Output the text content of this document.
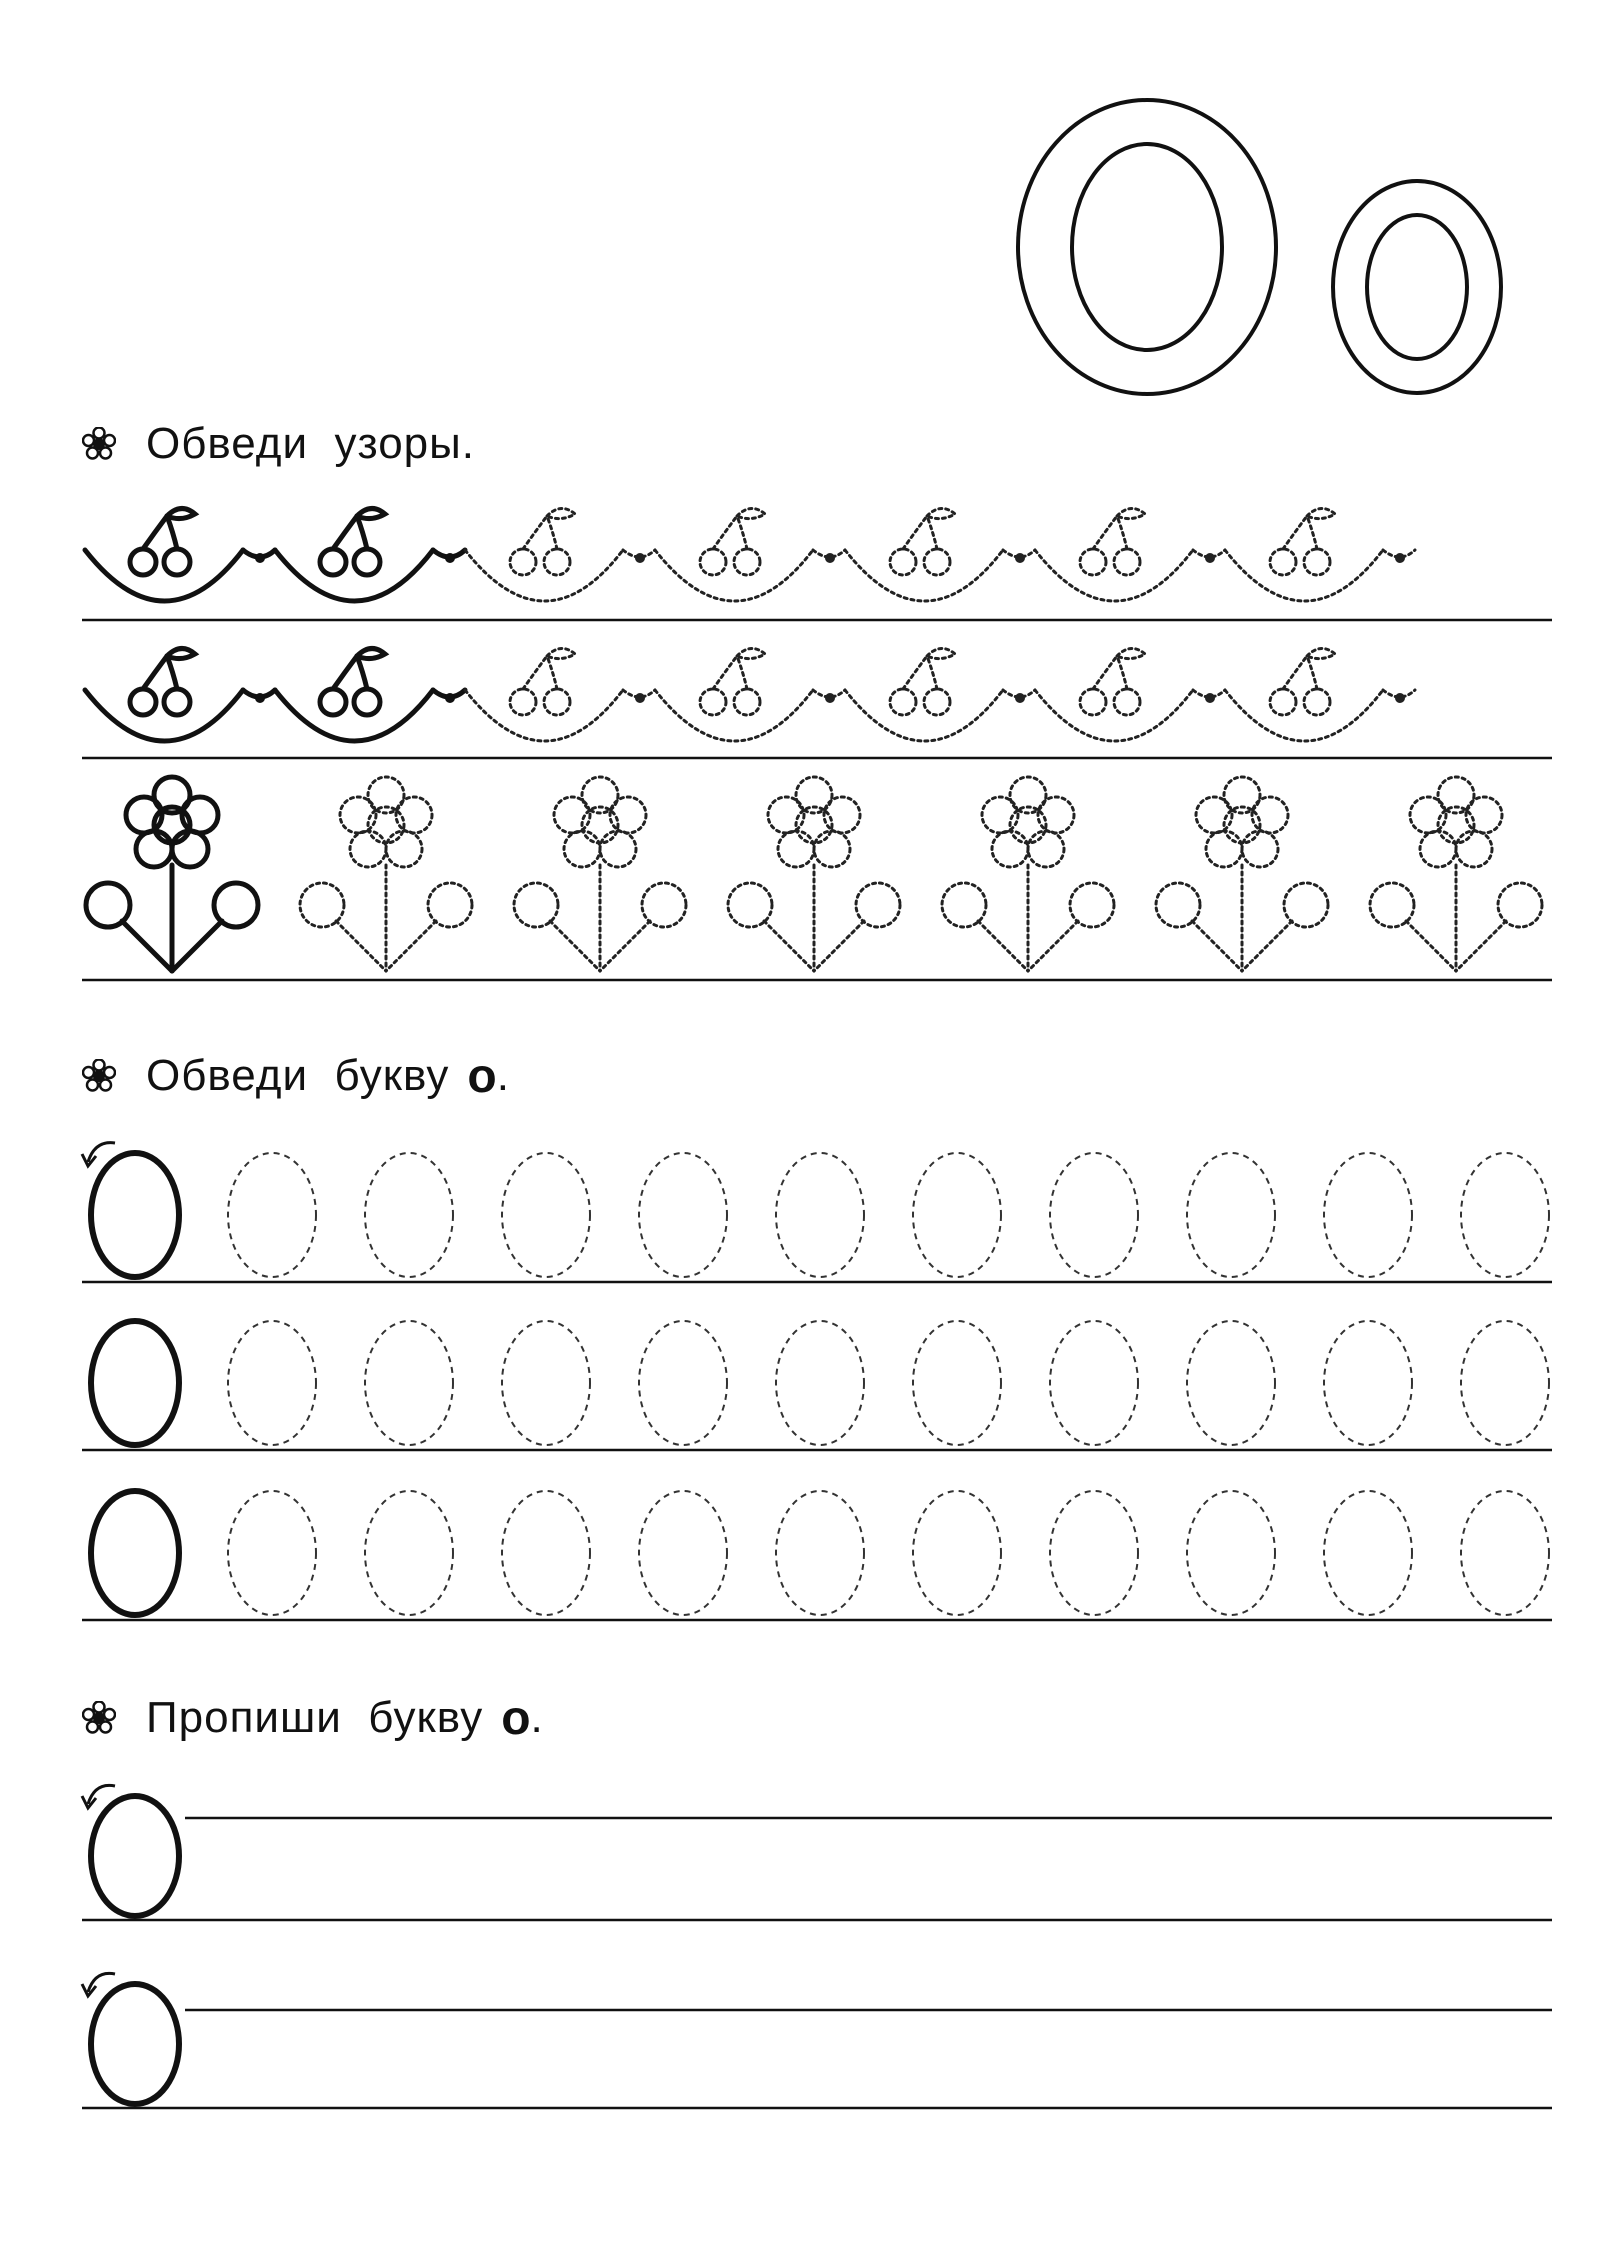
Обведи  узоры.
Обведи  букву о .
Пропиши  букву о .
